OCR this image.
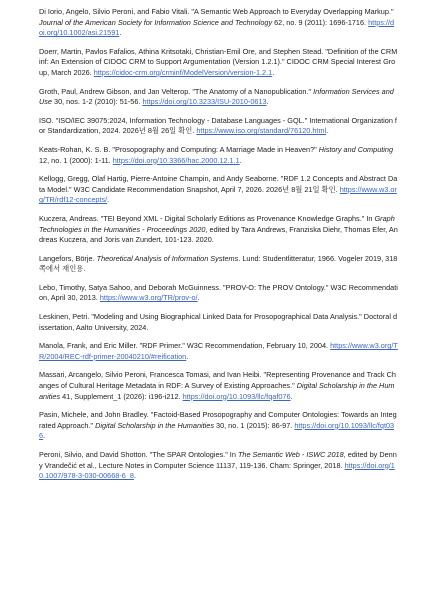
Di Iorio, Angelo, Silvio Peroni, and Fabio Vitali. "A Semantic Web Approach to Everyday Overlapping Markup." Journal of the American Society for Information Science and Technology 62, no. 9 (2011): 1696-1716. https://doi.org/10.1002/asi.21591.

Doerr, Martin, Pavlos Fafalios, Athina Kritsotaki, Christian-Emil Ore, and Stephen Stead. "Definition of the CRMinf: An Extension of CIDOC CRM to Support Argumentation (Version 1.2.1)." CIDOC CRM Special Interest Group, March 2026. https://cidoc-crm.org/crminf/ModelVersion/version-1.2.1.

Groth, Paul, Andrew Gibson, and Jan Velterop. "The Anatomy of a Nanopublication." Information Services and Use 30, nos. 1-2 (2010): 51-56. https://doi.org/10.3233/ISU-2010-0613.

ISO. "ISO/IEC 39075:2024, Information Technology - Database Languages - GQL." International Organization for Standardization, 2024. 2026년 8월 26일 확인. https://www.iso.org/standard/76120.html.

Keats-Rohan, K. S. B. "Prosopography and Computing: A Marriage Made in Heaven?" History and Computing 12, no. 1 (2000): 1-11. https://doi.org/10.3366/hac.2000.12.1.1.

Kellogg, Gregg, Olaf Hartig, Pierre-Antoine Champin, and Andy Seaborne. "RDF 1.2 Concepts and Abstract Data Model." W3C Candidate Recommendation Snapshot, April 7, 2026. 2026년 8월 21일 확인. https://www.w3.org/TR/rdf12-concepts/.

Kuczera, Andreas. "TEI Beyond XML - Digital Scholarly Editions as Provenance Knowledge Graphs." In Graph Technologies in the Humanities - Proceedings 2020, edited by Tara Andrews, Franziska Diehr, Thomas Efer, Andreas Kuczera, and Joris van Zundert, 101-123. 2020.

Langefors, Börje. Theoretical Analysis of Information Systems. Lund: Studentlitteratur, 1966. Vogeler 2019, 318쪽에서 재인용.

Lebo, Timothy, Satya Sahoo, and Deborah McGuinness. "PROV-O: The PROV Ontology." W3C Recommendation, April 30, 2013. https://www.w3.org/TR/prov-o/.

Leskinen, Petri. "Modeling and Using Biographical Linked Data for Prosopographical Data Analysis." Doctoral dissertation, Aalto University, 2024.

Manola, Frank, and Eric Miller. "RDF Primer." W3C Recommendation, February 10, 2004. https://www.w3.org/TR/2004/REC-rdf-primer-20040210/#reification.

Massari, Arcangelo, Silvio Peroni, Francesca Tomasi, and Ivan Heibi. "Representing Provenance and Track Changes of Cultural Heritage Metadata in RDF: A Survey of Existing Approaches." Digital Scholarship in the Humanities 41, Supplement_1 (2026): i196-i212. https://doi.org/10.1093/llc/fqaf076.

Pasin, Michele, and John Bradley. "Factoid-Based Prosopography and Computer Ontologies: Towards an Integrated Approach." Digital Scholarship in the Humanities 30, no. 1 (2015): 86-97. https://doi.org/10.1093/llc/fqt036.

Peroni, Silvio, and David Shotton. "The SPAR Ontologies." In The Semantic Web - ISWC 2018, edited by Denny Vrandečić et al., Lecture Notes in Computer Science 11137, 119-136. Cham: Springer, 2018. https://doi.org/10.1007/978-3-030-00668-6_8.
